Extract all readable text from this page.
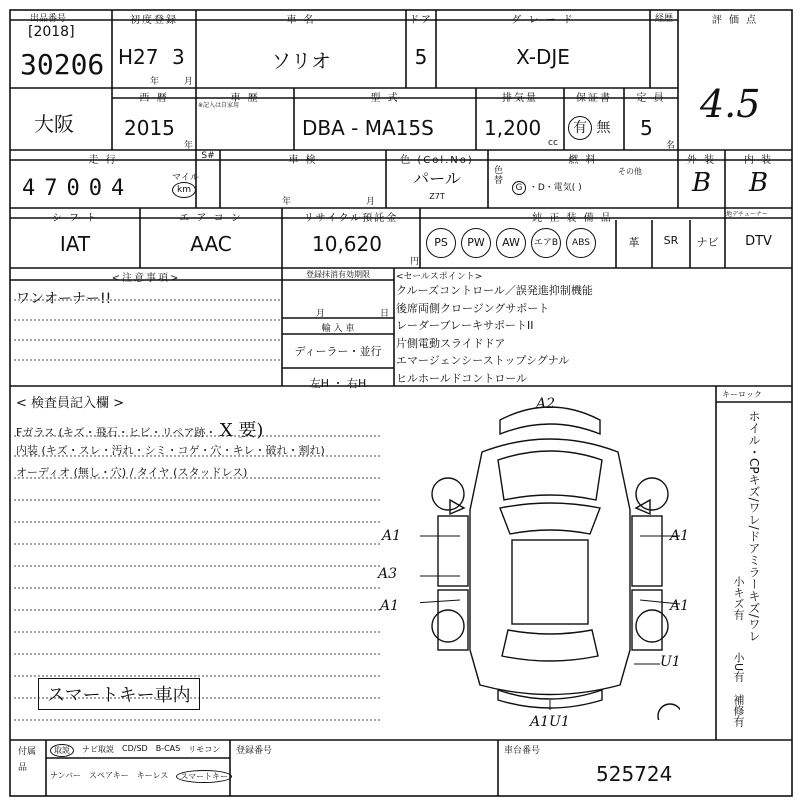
出品番号
[2018]
30206
初度登録
H27 3
年	月
車 名
ソリオ
ドア
5
グ レ ー ド
X-DJE
経歴	評 価 点
4.5
大阪
西 暦
2015
年
車 歴
※記入は自家用
型 式
DBA - MA15S
排気量
1,200
cc
保証書
有 無
定 員
5
名
走 行
47004	マイル
km
S#	車 検
年	月
色 (Col.No)
パール
Z7T
色替
燃 料
G ・D・電気( )
その他
外 装	内 装
B	B
シ フ ト
IAT
エ ア コ ン
AAC
リサイクル預託金
10,620
円
純 正 装 備 品
PS	PW	AW	エアB	ABS	革	SR	ナビ	DTV
地デチューナー
<注意事項>
ワンオーナー!!
登録抹消有効期限
月	日
輸 入 車
ディーラー・並行
左H ・ 右H
<セールスポイント>
クルーズコントロール／誤発進抑制機能
後席両側クロージングサポート
レーダーブレーキサポートII
片側電動スライドドア
エマージェンシーストップシグナル
ヒルホールドコントロール
< 検査員記入欄 >
Fガラス (キズ・飛石・ヒビ・リペア跡・ X 要)
内装 (キズ・スレ・汚れ・シミ・コゲ・穴・キレ・破れ・割れ)
オーディオ (無し・穴) / タイヤ (スタッドレス)
スマートキー車内
A2
A1
A3
A1
A1
A1
U1
A1U1
キーロック
ホイル・CPキズ/ワレ/ドアミラーキズ/ワレ
小キズ有
小U有
補修有
付属品
取説	ナビ取説 CD/SD B-CAS リモコン
ナンバー スペアキー キーレス	スマートキー
登録番号	車台番号
525724
